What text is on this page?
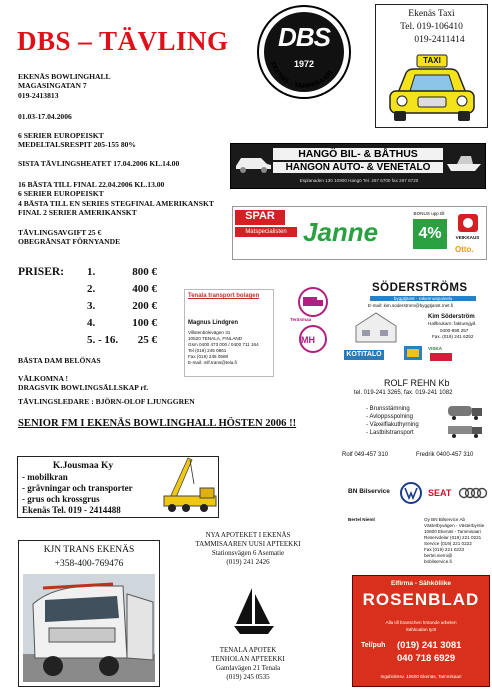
DBS – TÄVLING
EKENÄS · TAMMISAARI
DBS
1972
Ekenäs Taxi
Tel. 019-106410
019-2411414
TAXI
EKENÄS BOWLINGHALL
MAGASINGATAN 7
019-2413813
01.03-17.04.2006
6 SERIER EUROPEISKT
MEDELTALSRESPIT 205-155 80%
SISTA TÄVLINGSHEATET 17.04.2006 KL.14.00
16 BÄSTA TILL FINAL 22.04.2006 KL.13.00
6 SERIER EUROPEISKT
4 BÄSTA TILL EN SERIES STEGFINAL AMERIKANSKT
FINAL 2 SERIER AMERIKANSKT
TÄVLINGSAVGIFT 25 €
OBEGRÄNSAT FÖRNYANDE
PRISER: 1.	800 €
2.	400 €
3.	200 €
4.	100 €
5. - 16. 25 €
BÄSTA DAM BELÖNAS
VÄLKOMNA !
DRAGSVIK BOWLINGSÄLLSKAP rf.
TÄVLINGSLEDARE : BJÖRN-OLOF LJUNGGREN
SENIOR FM I EKENÄS BOWLINGHALL HÖSTEN 2006 !!
HANGÖ BIL- & BÅTHUS
HANGON AUTO- & VENETALO
Esplanaden 130 10900 Hangö Tel. 267 6700 fax 267 6720
SPAR
Matspecialisten Janne
BONUS upp till
4%	VEIKKAUS
Otto.
Tenala transport bolagen
Magnus Lindgren
Villstenbölevägen 31
10520 TENALA, FINLAND
Gsm 0400 473 000 / 0400 711 164
Tel (019) 245 0861
Fax (019) 245 0588
E-mail: mlf.trans@tela.fi
Teräsmaa
MH
SÖDERSTRÖMS
byggtjänst - rakennuspalvelu
E-mail: kim.soderstrom@byggtjanst.met.fi
Kim Söderström
Hallbrukarn: fakturegyå
0400-898 257
Fax. (019) 241 6252
KOTITALO
VISKA
ROLF REHN Kb
tel. 019-241 3265, fax. 019-241 1082
- Brunsstämning
- Avloppsspolning
- Växelflakuthyrning
- Lastbilstransport
Rolf 049-457 310	Fredrik 0400-457 310
BN Bilservice	SEAT
Bertel Nieml	Oy BN Bilservice Ab
Västerbyvägen - Västerbyntie
10600 Ekenäs - Tammisaari
Reservdelar (019) 221 0221
Service (019) 221 0222
Fax (019) 221 0223
bertel.niemi@
bnbilservice.fi
K.Jousmaa Ky
- mobilkran
- grävningar och transporter
- grus och krossgrus
Ekenäs Tel. 019 - 2414488
KJN TRANS EKENÄS
+358-400-769476
NYA APOTEKET I EKENÄS
TAMMISAAREN UUSI APTEEKKI
Stationsvägen 6 Asematie
(019) 241 2426
TENALA APOTEK
TENHOLAN APTEEKKI
Gamlavägen 21 Tenala
(019) 245 0535
Elfirma - Sähköliike
ROSENBLAD
Alla till branschen hörande arbeten
Sähkoalan työt
Tel/puh (019) 241 3081
040 718 6929
Ingaholmsv. 10600 Ekenäs, Tammisaari
